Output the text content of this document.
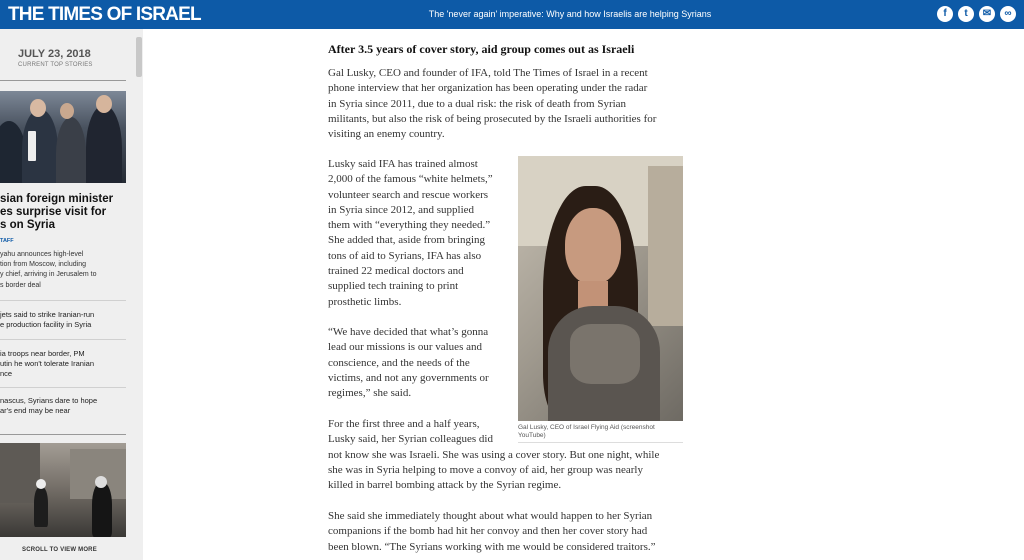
THE TIMES OF ISRAEL	The 'never again' imperative: Why and how Israelis are helping Syrians	f	t	✉	∞
JULY 23, 2018
CURRENT TOP STORIES
sian foreign minister
es surprise visit for
s on Syria
TAFF
yahu announces high-level
tion from Moscow, including
y chief, arriving in Jerusalem to
s border deal
jets said to strike Iranian-run
e production facility in Syria
ia troops near border, PM
utin he won't tolerate Iranian
nce
nascus, Syrians dare to hope
ar's end may be near
SCROLL TO VIEW MORE
After 3.5 years of cover story, aid group comes out as Israeli
Gal Lusky, CEO and founder of IFA, told The Times of Israel in a recent
phone interview that her organization has been operating under the radar
in Syria since 2011, due to a dual risk: the risk of death from Syrian
militants, but also the risk of being prosecuted by the Israeli authorities for
visiting an enemy country.
Lusky said IFA has trained almost
2,000 of the famous “white helmets,”
volunteer search and rescue workers
in Syria since 2012, and supplied
them with “everything they needed.”
She added that, aside from bringing
tons of aid to Syrians, IFA has also
trained 22 medical doctors and
supplied tech training to print
prosthetic limbs.
“We have decided that what’s gonna
lead our missions is our values and
conscience, and the needs of the
victims, and not any governments or
regimes,” she said.
For the first three and a half years,
Lusky said, her Syrian colleagues did
not know she was Israeli. She was using a cover story. But one night, while
she was in Syria helping to move a convoy of aid, her group was nearly
killed in barrel bombing attack by the Syrian regime.
She said she immediately thought about what would happen to her Syrian
companions if the bomb had hit her convoy and then her cover story had
been blown. “The Syrians working with me would be considered traitors.”
Gal Lusky, CEO of Israel Flying Aid (screenshot
YouTube)
